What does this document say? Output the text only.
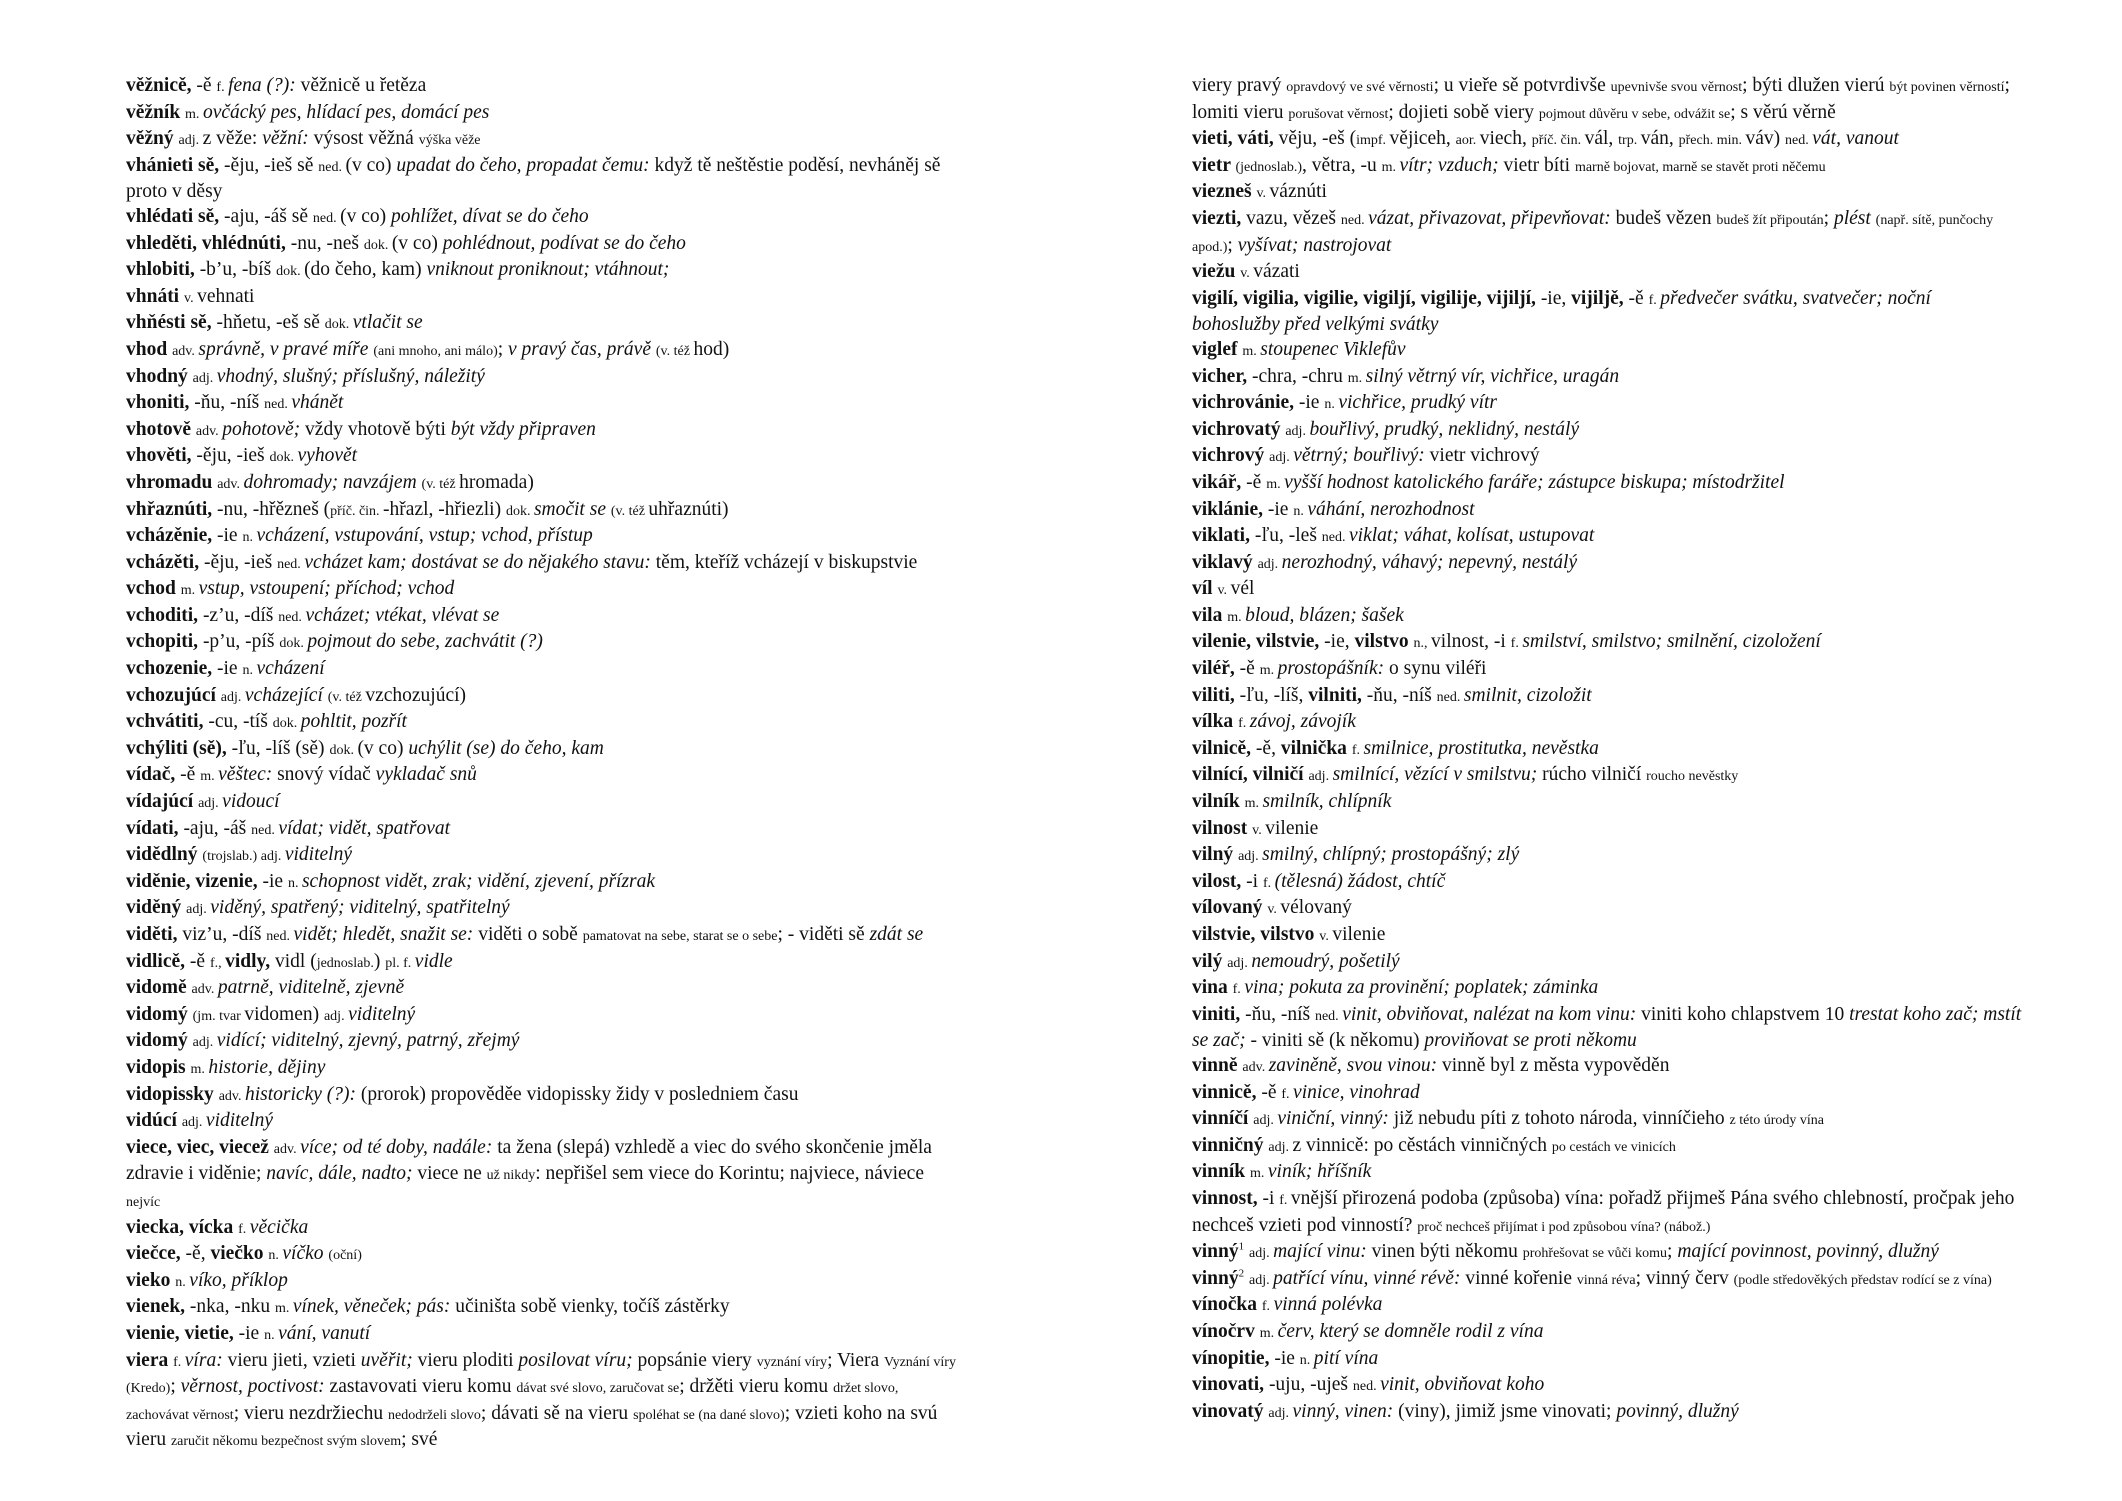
věžnicě, -ě f. fena (?): věžnicě u řetěza
věžník m. ovčácký pes, hlídací pes, domácí pes
věžný adj. z věže: věžní: výsost věžná výška věže
vhánieti sě, -ěju, -ieš sě ned. (v co) upadat do čeho, propadat čemu: když tě neštěstie poděsí, nevháněj sě proto v děsy
vhlédati sě, -aju, -áš sě ned. (v co) pohlížet, dívat se do čeho
vhleděti, vhlédnúti, -nu, -neš dok. (v co) pohlédnout, podívat se do čeho
vhlobiti, -b’u, -bíš dok. (do čeho, kam) vniknout proniknout; vtáhnout;
vhnáti v. vehnati
vhňésti sě, -hňetu, -eš sě dok. vtlačit se
vhod adv. správně, v pravé míře (ani mnoho, ani málo); v pravý čas, právě (v. též hod)
vhodný adj. vhodný, slušný; příslušný, náležitý
vhoniti, -ňu, -níš ned. vhánět
vhotově adv. pohotově; vždy vhotově býti být vždy připraven
vhověti, -ěju, -ieš dok. vyhovět
vhromadu adv. dohromady; navzájem (v. též hromada)
vhřaznúti, -nu, -hřězneš (příč. čin. -hřazl, -hřiezli) dok. smočit se (v. též uhřaznúti)
vcházěnie, -ie n. vcházení, vstupování, vstup; vchod, přístup
vcházěti, -ěju, -ieš ned. vcházet kam; dostávat se do nějakého stavu: těm, kteříž vcházejí v biskupstvie
vchod m. vstup, vstoupení; příchod; vchod
vchoditi, -z’u, -díš ned. vcházet; vtékat, vlévat se
vchopiti, -p’u, -píš dok. pojmout do sebe, zachvátit (?)
vchozenie, -ie n. vcházení
vchozujúcí adj. vcházející (v. též vzchozujúcí)
vchvátiti, -cu, -tíš dok. pohltit, pozřít
vchýliti (sě), -ľu, -líš (sě) dok. (v co) uchýlit (se) do čeho, kam
vídač, -ě m. věštec: snový vídač vykladač snů
vídajúcí adj. vidoucí
vídati, -aju, -áš ned. vídat; vidět, spatřovat
vidědlný (trojslab.) adj. viditelný
viděnie, vizenie, -ie n. schopnost vidět, zrak; vidění, zjevení, přízrak
viděný adj. viděný, spatřený; viditelný, spatřitelný
viděti, viz’u, -díš ned. vidět; hledět, snažit se: viděti o sobě pamatovat na sebe, starat se o sebe; - viděti sě zdát se
vidlicě, -ě f., vidly, vidl (jednoslab.) pl. f. vidle
vidomě adv. patrně, viditelně, zjevně
vidomý (jm. tvar vidomen) adj. viditelný
vidomý adj. vidící; viditelný, zjevný, patrný, zřejmý
vidopis m. historie, dějiny
vidopissky adv. historicky (?): (prorok) propověděe vidopissky židy v posledniem času
vidúcí adj. viditelný
viece, viec, viecež adv. více; od té doby, nadále: ta žena (slepá) vzhledě a viec do svého skončenie jměla zdravie i viděnie; navíc, dále, nadto; viece ne už nikdy: nepřišel sem viece do Korintu; najviece, náviece nejvíc
viecka, vícka f. věcička
viečce, -ě, viečko n. víčko (oční)
vieko n. víko, příklop
vienek, -nka, -nku m. vínek, věneček; pás: učiništa sobě vienky, točíš zástěrky
vienie, vietie, -ie n. vání, vanutí
viera f. víra: vieru jieti, vzieti uvěřit; vieru ploditi posilovat víru; popsánie viery vyznání víry; Viera Vyznání víry (Kredo); věrnost, poctivost: zastavovati vieru komu dávat své slovo, zaručovat se; držěti vieru komu držet slovo, zachovávat věrnost; vieru nezdržiechu nedodrželi slovo; dávati sě na vieru spoléhat se (na dané slovo); vzieti koho na svú vieru zaručit někomu bezpečnost svým slovem; své
viery pravý opravdový ve své věrnosti; u vieře sě potvrdivše upevnivše svou věrnost; býti dlužen vierú být povinen věrností; lomiti vieru porušovat věrnost; dojieti sobě viery pojmout důvěru v sebe, odvážit se; s věrú věrně
vieti, váti, věju, -eš (impf. vějiceh, aor. viech, příč. čin. vál, trp. ván, přech. min. váv) ned. vát, vanout
vietr (jednoslab.), větra, -u m. vítr; vzduch; vietr bíti marně bojovat, marně se stavět proti něčemu
viezneš v. váznúti
viezti, vazu, vězeš ned. vázat, přivazovat, připevňovat: budeš vězen budeš žít připoután; plést (např. sítě, punčochy apod.); vyšívat; nastrojovat
viežu v. vázati
vigilí, vigilia, vigilie, vigiljí, vigilije, vijiljí, -ie, vijiljě, -ě f. předvečer svátku, svatvečer; noční bohoslužby před velkými svátky
viglef m. stoupenec Viklefův
vicher, -chra, -chru m. silný větrný vír, vichřice, uragán
vichrovánie, -ie n. vichřice, prudký vítr
vichrovatý adj. bouřlivý, prudký, neklidný, nestálý
vichrový adj. větrný; bouřlivý: vietr vichrový
vikář, -ě m. vyšší hodnost katolického faráře; zástupce biskupa; místodržitel
viklánie, -ie n. váhání, nerozhodnost
viklati, -ľu, -leš ned. viklat; váhat, kolísat, ustupovat
viklavý adj. nerozhodný, váhavý; nepevný, nestálý
víl v. vél
vila m. bloud, blázen; šašek
vilenie, vilstvie, -ie, vilstvo n., vilnost, -i f. smilství, smilstvo; smilnění, cizoložení
viléř, -ě m. prostopášník: o synu viléři
viliti, -ľu, -líš, vilniti, -ňu, -níš ned. smilnit, cizoložit
vílka f. závoj, závojík
vilnicě, -ě, vilnička f. smilnice, prostitutka, nevěstka
vilnící, vilničí adj. smilnící, vězící v smilstvu; rúcho vilničí roucho nevěstky
vilník m. smilník, chlípník
vilnost v. vilenie
vilný adj. smilný, chlípný; prostopášný; zlý
vilost, -i f. (tělesná) žádost, chtíč
vílovaný v. vélovaný
vilstvie, vilstvo v. vilenie
vilý adj. nemoudrý, pošetilý
vina f. vina; pokuta za provinění; poplatek; záminka
viniti, -ňu, -níš ned. vinit, obviňovat, nalézat na kom vinu: viniti koho chlapstvem 10 trestat koho zač; mstít se zač; - viniti sě (k někomu) proviňovat se proti někomu
vinně adv. zaviněně, svou vinou: vinně byl z města vypověděn
vinnicě, -ě f. vinice, vinohrad
vinníčí adj. viniční, vinný: již nebudu píti z tohoto národa, vinníčieho z této úrody vína
vinničný adj. z vinnicě: po cěstách vinničných po cestách ve vinicích
vinník m. viník; hříšník
vinnost, -i f. vnější přirozená podoba (způsoba) vína: pořadž přijmeš Pána svého chlebností, pročpak jeho nechceš vzieti pod vinností? proč nechceš přijímat i pod způsobou vína? (nábož.)
vinný$^1$ adj. mající vinu: vinen býti někomu prohřešovat se vůči komu; mající povinnost, povinný, dlužný
vinný$^2$ adj. patřící vínu, vinné révě: vinné kořenie vinná réva; vinný červ (podle středověkých představ rodící se z vína)
vínočka f. vinná polévka
vínočrv m. červ, který se domněle rodil z vína
vínopitie, -ie n. pití vína
vinovati, -uju, -uješ ned. vinit, obviňovat koho
vinovatý adj. vinný, vinen: (viny), jimiž jsme vinovati; povinný, dlužný
